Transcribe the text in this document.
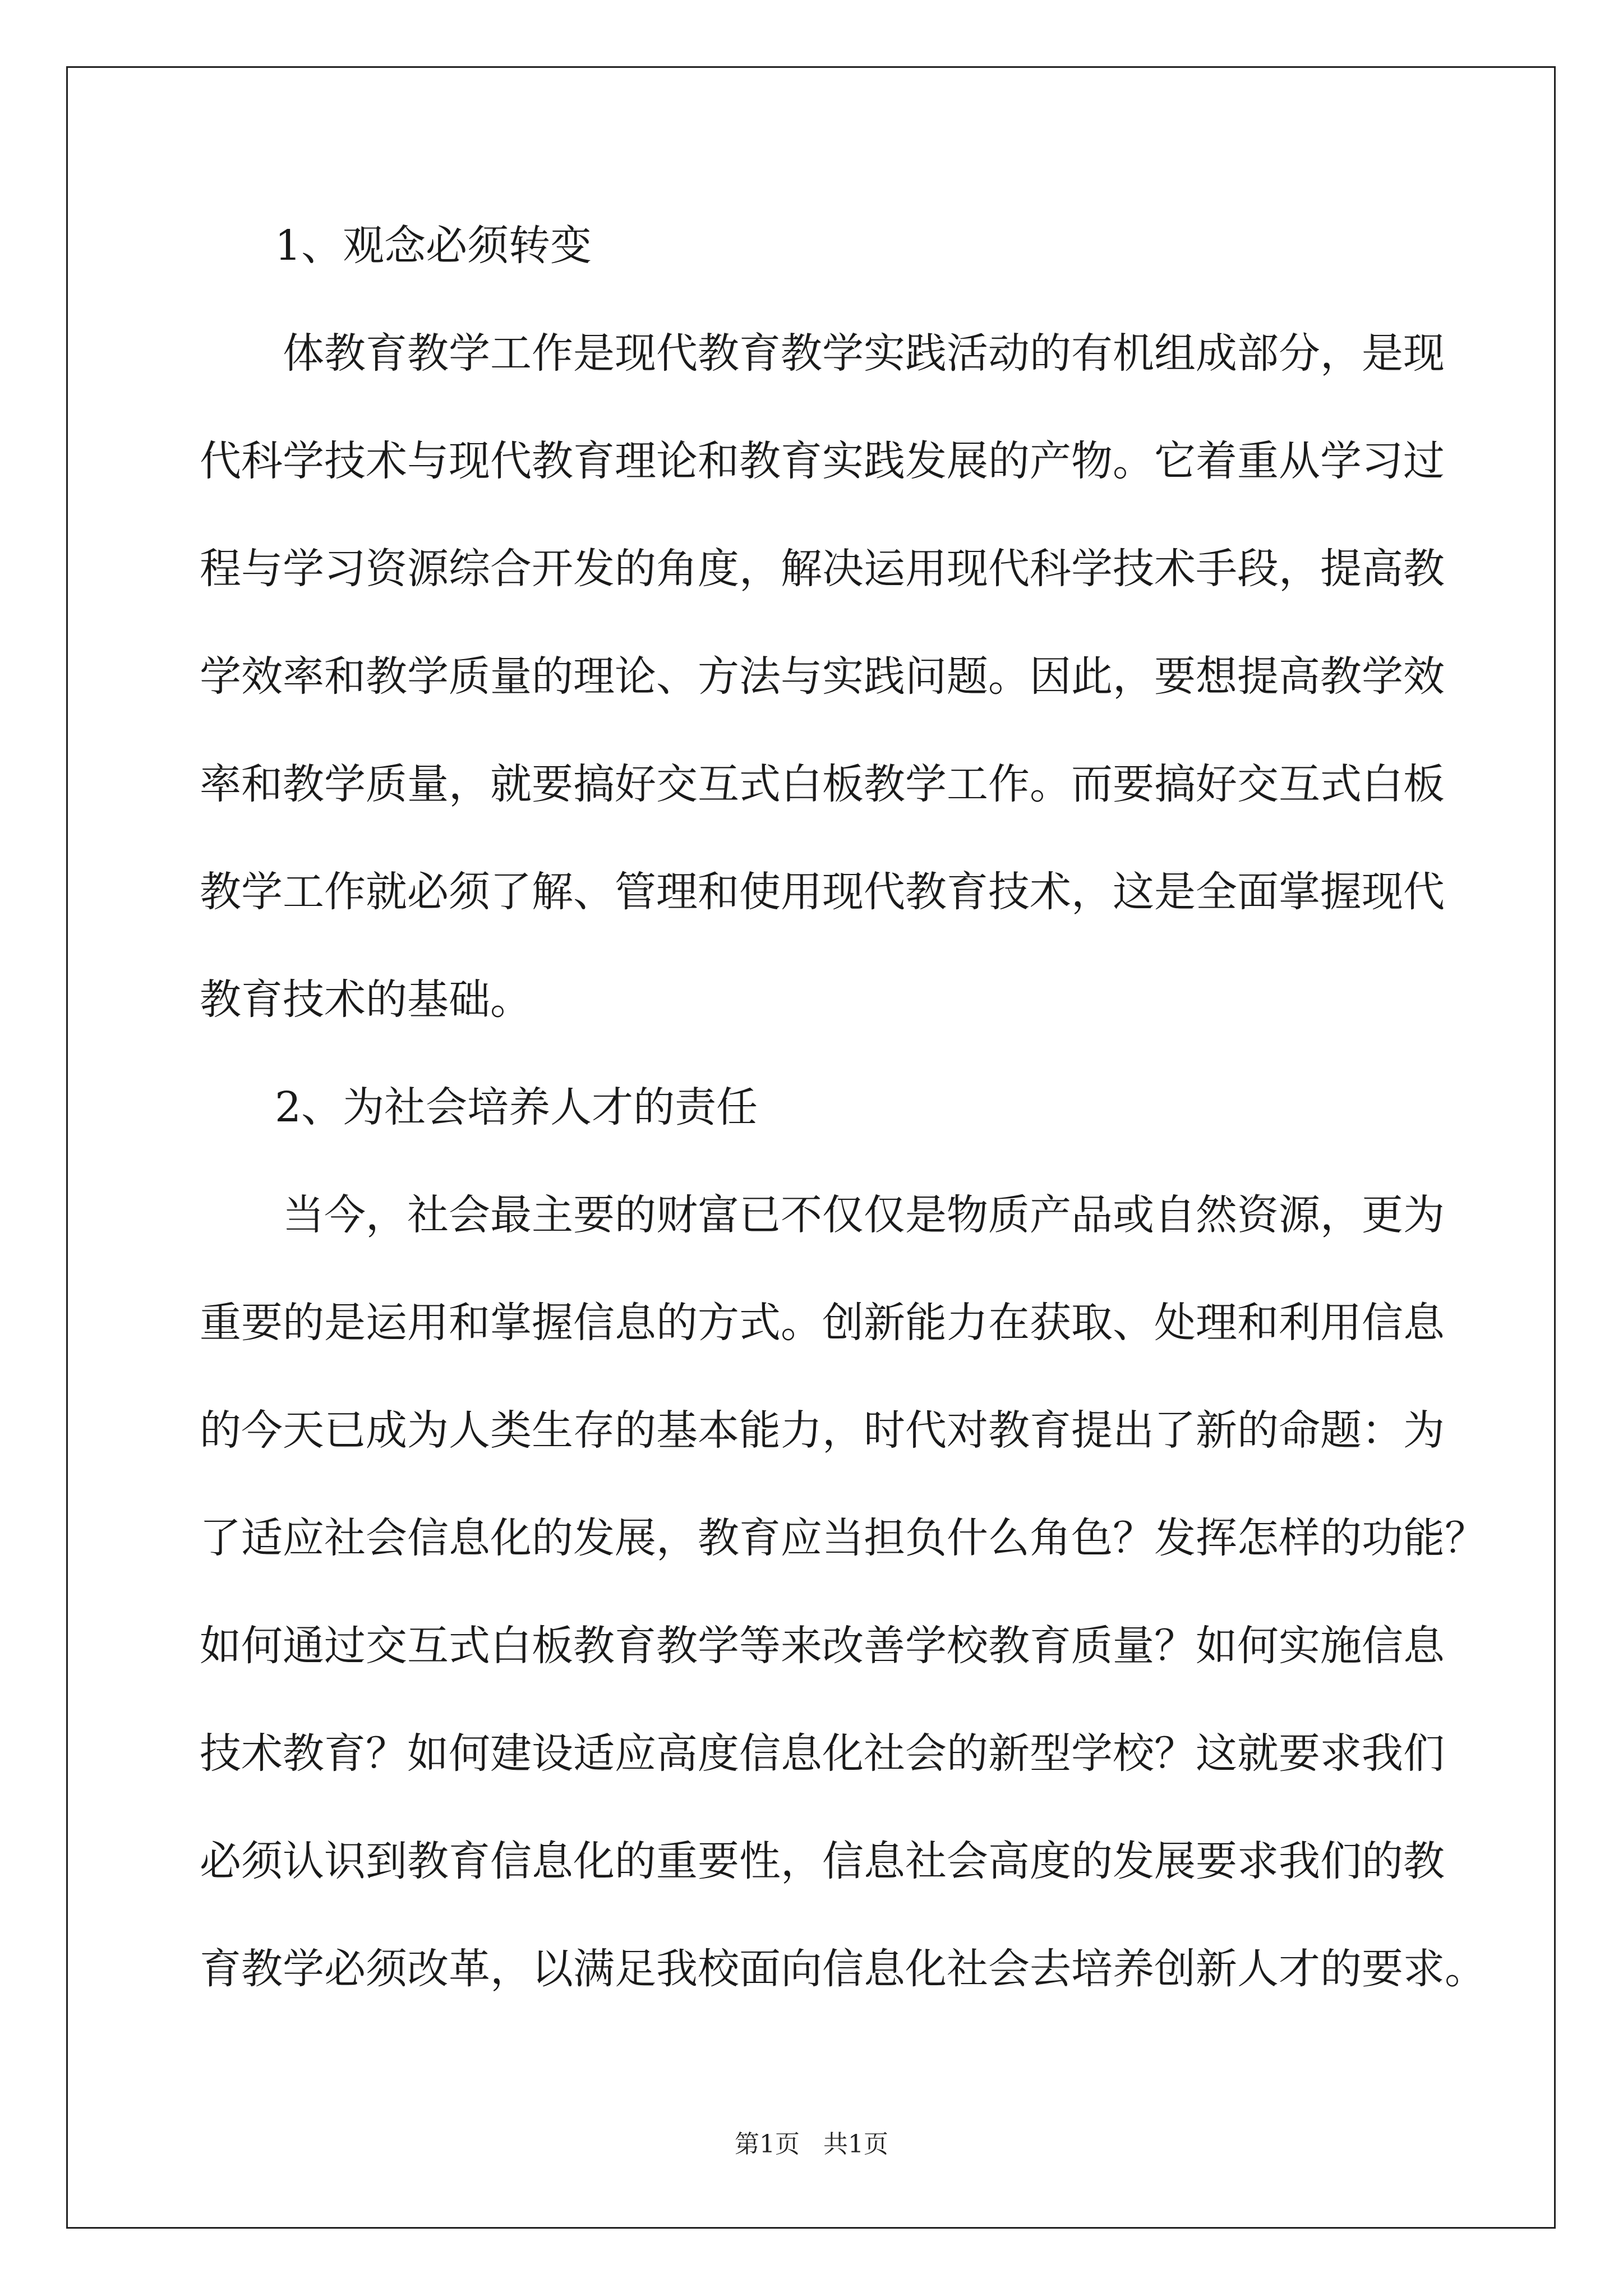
1、观念必须转变
体教育教学工作是现代教育教学实践活动的有机组成部分，是现
代科学技术与现代教育理论和教育实践发展的产物。它着重从学习过
程与学习资源综合开发的角度，解决运用现代科学技术手段，提高教
学效率和教学质量的理论、方法与实践问题。因此，要想提高教学效
率和教学质量，就要搞好交互式白板教学工作。而要搞好交互式白板
教学工作就必须了解、管理和使用现代教育技术，这是全面掌握现代
教育技术的基础。
2、为社会培养人才的责任
当今，社会最主要的财富已不仅仅是物质产品或自然资源，更为
重要的是运用和掌握信息的方式。创新能力在获取、处理和利用信息
的今天已成为人类生存的基本能力，时代对教育提出了新的命题：为
了适应社会信息化的发展，教育应当担负什么角色？发挥怎样的功能？
如何通过交互式白板教育教学等来改善学校教育质量？如何实施信息
技术教育？如何建设适应高度信息化社会的新型学校？这就要求我们
必须认识到教育信息化的重要性，信息社会高度的发展要求我们的教
育教学必须改革，以满足我校面向信息化社会去培养创新人才的要求。
第1页   共1页
